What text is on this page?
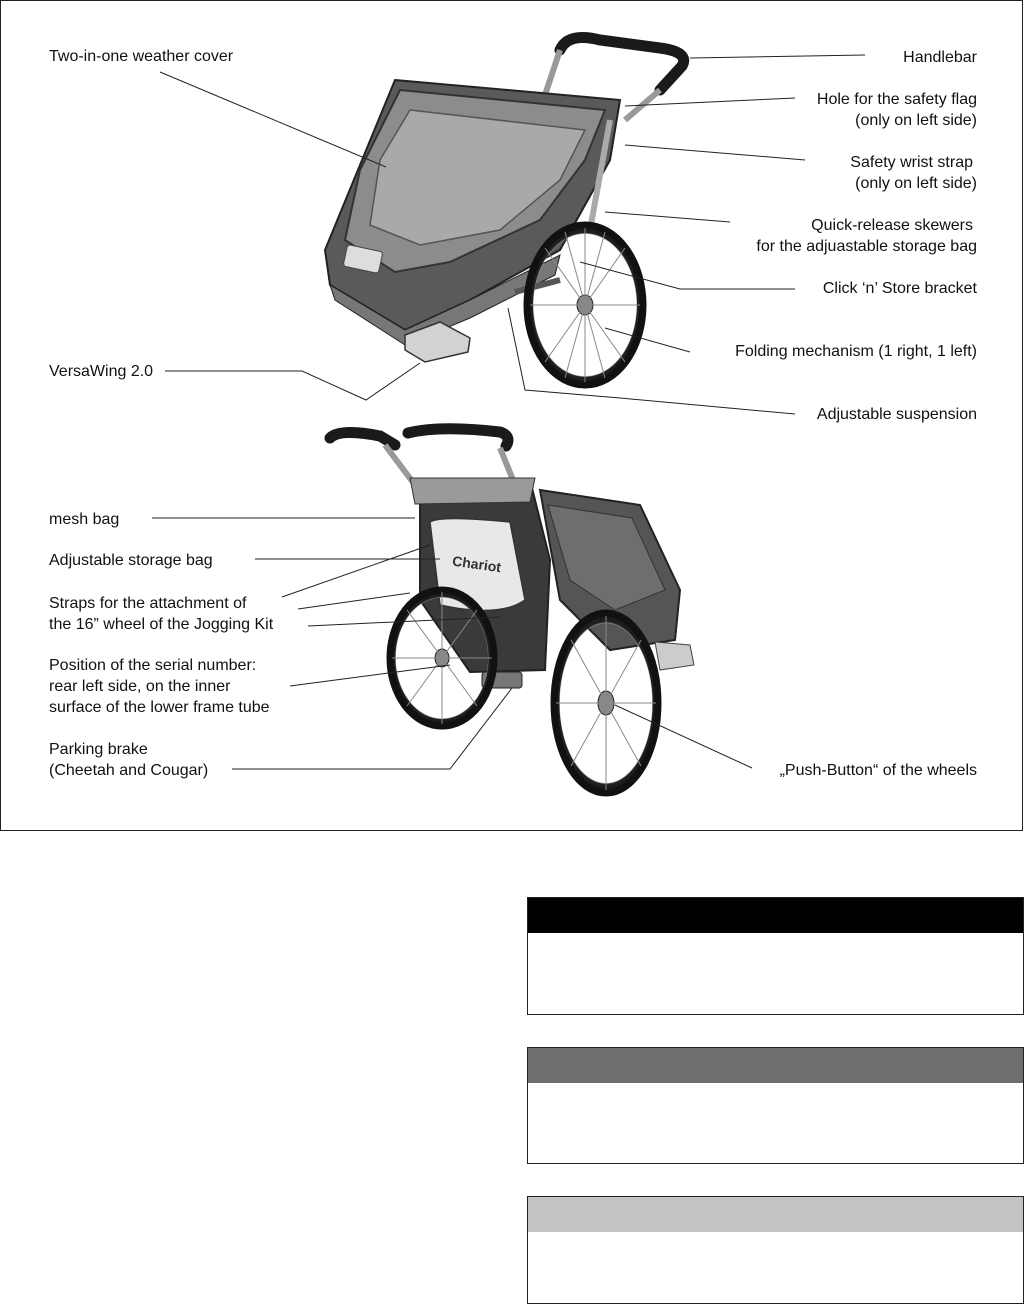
Chariot
Two-in-one weather cover
VersaWing 2.0
Handlebar
Hole for the safety flag
(only on left side)
Safety wrist strap
(only on left side)
Quick-release skewers
for the adjuastable storage bag
Click ‘n’ Store bracket
Folding mechanism (1 right, 1 left)
Adjustable suspension
mesh bag
Adjustable storage bag
Straps for the attachment of
the 16” wheel of the Jogging Kit
Position of the serial number:
rear left side, on the inner
surface of the lower frame tube
Parking brake
(Cheetah and Cougar)	„Push-Button“ of the wheels
